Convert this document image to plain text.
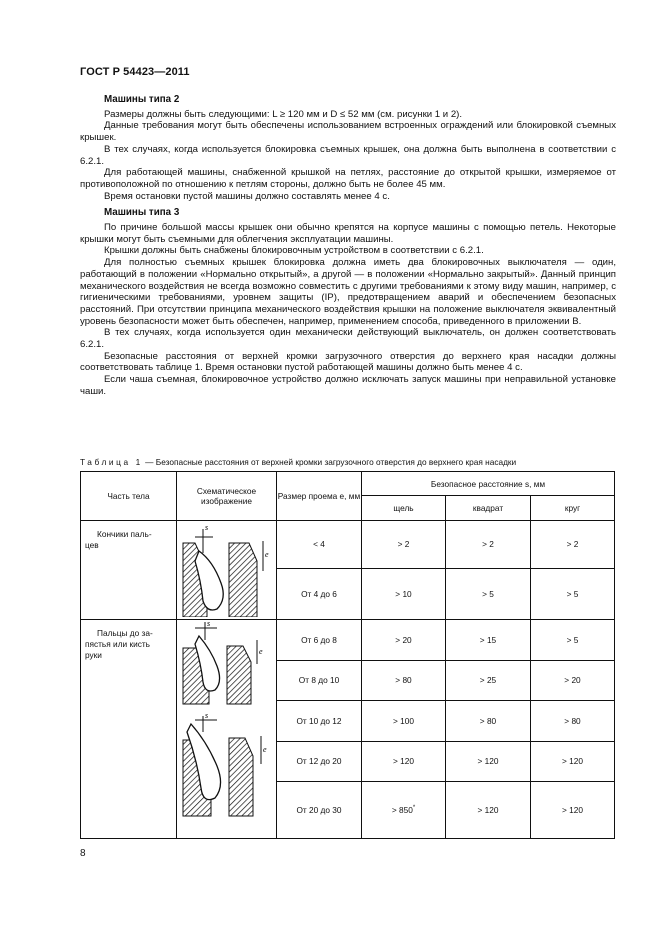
ГОСТ Р 54423—2011
Машины типа 2

Размеры должны быть следующими: L ≥ 120 мм и D ≤ 52 мм (см. рисунки 1 и 2).

Данные требования могут быть обеспечены использованием встроенных ограждений или блокировкой съемных крышек.

В тех случаях, когда используется блокировка съемных крышек, она должна быть выполнена в соответствии с 6.2.1.

Для работающей машины, снабженной крышкой на петлях, расстояние до открытой крышки, измеряемое от противоположной по отношению к петлям стороны, должно быть не более 45 мм.

Время остановки пустой машины должно составлять менее 4 с.

Машины типа 3

По причине большой массы крышек они обычно крепятся на корпусе машины с помощью петель. Некоторые крышки могут быть съемными для облегчения эксплуатации машины.

Крышки должны быть снабжены блокировочным устройством в соответствии с 6.2.1.

Для полностью съемных крышек блокировка должна иметь два блокировочных выключателя — один, работающий в положении «Нормально открытый», а другой — в положении «Нормально закрытый». Данный принцип механического воздействия не всегда возможно совместить с другими требованиями к этому виду машин, например, с гигиеническими требованиями, уровнем защиты (IP), предотвращением аварий и обеспечением безопасных расстояний. При отсутствии принципа механического воздействия крышки на положение выключателя эквивалентный уровень безопасности может быть обеспечен, например, применением способа, приведенного в приложении В.

В тех случаях, когда используется один механически действующий выключатель, он должен соответствовать 6.2.1.

Безопасные расстояния от верхней кромки загрузочного отверстия до верхнего края насадки должны соответствовать таблице 1. Время остановки пустой работающей машины должно быть менее 4 с.

Если чаша съемная, блокировочное устройство должно исключать запуск машины при неправильной установке чаши.

Таблица 1 — Безопасные расстояния от верхней кромки загрузочного отверстия до верхнего края насадки
Часть тела	Схематическое изображение	Размер проема e, мм	Безопасное расстояние s, мм		
			щель	квадрат	круг

Кончики паль-
цев	s
e	< 4	> 2	> 2	> 2
		От 4 до 6	> 10	> 5	> 5

Пальцы до за-
пястья или кисть
руки	s
e
s
e	От 6 до 8	> 20	> 15	> 5
		От 8 до 10	> 80	> 25	> 20
		От 10 до 12	> 100	> 80	> 80
		От 12 до 20	> 120	> 120	> 120
		От 20 до 30	> 850*	> 120	> 120
8
